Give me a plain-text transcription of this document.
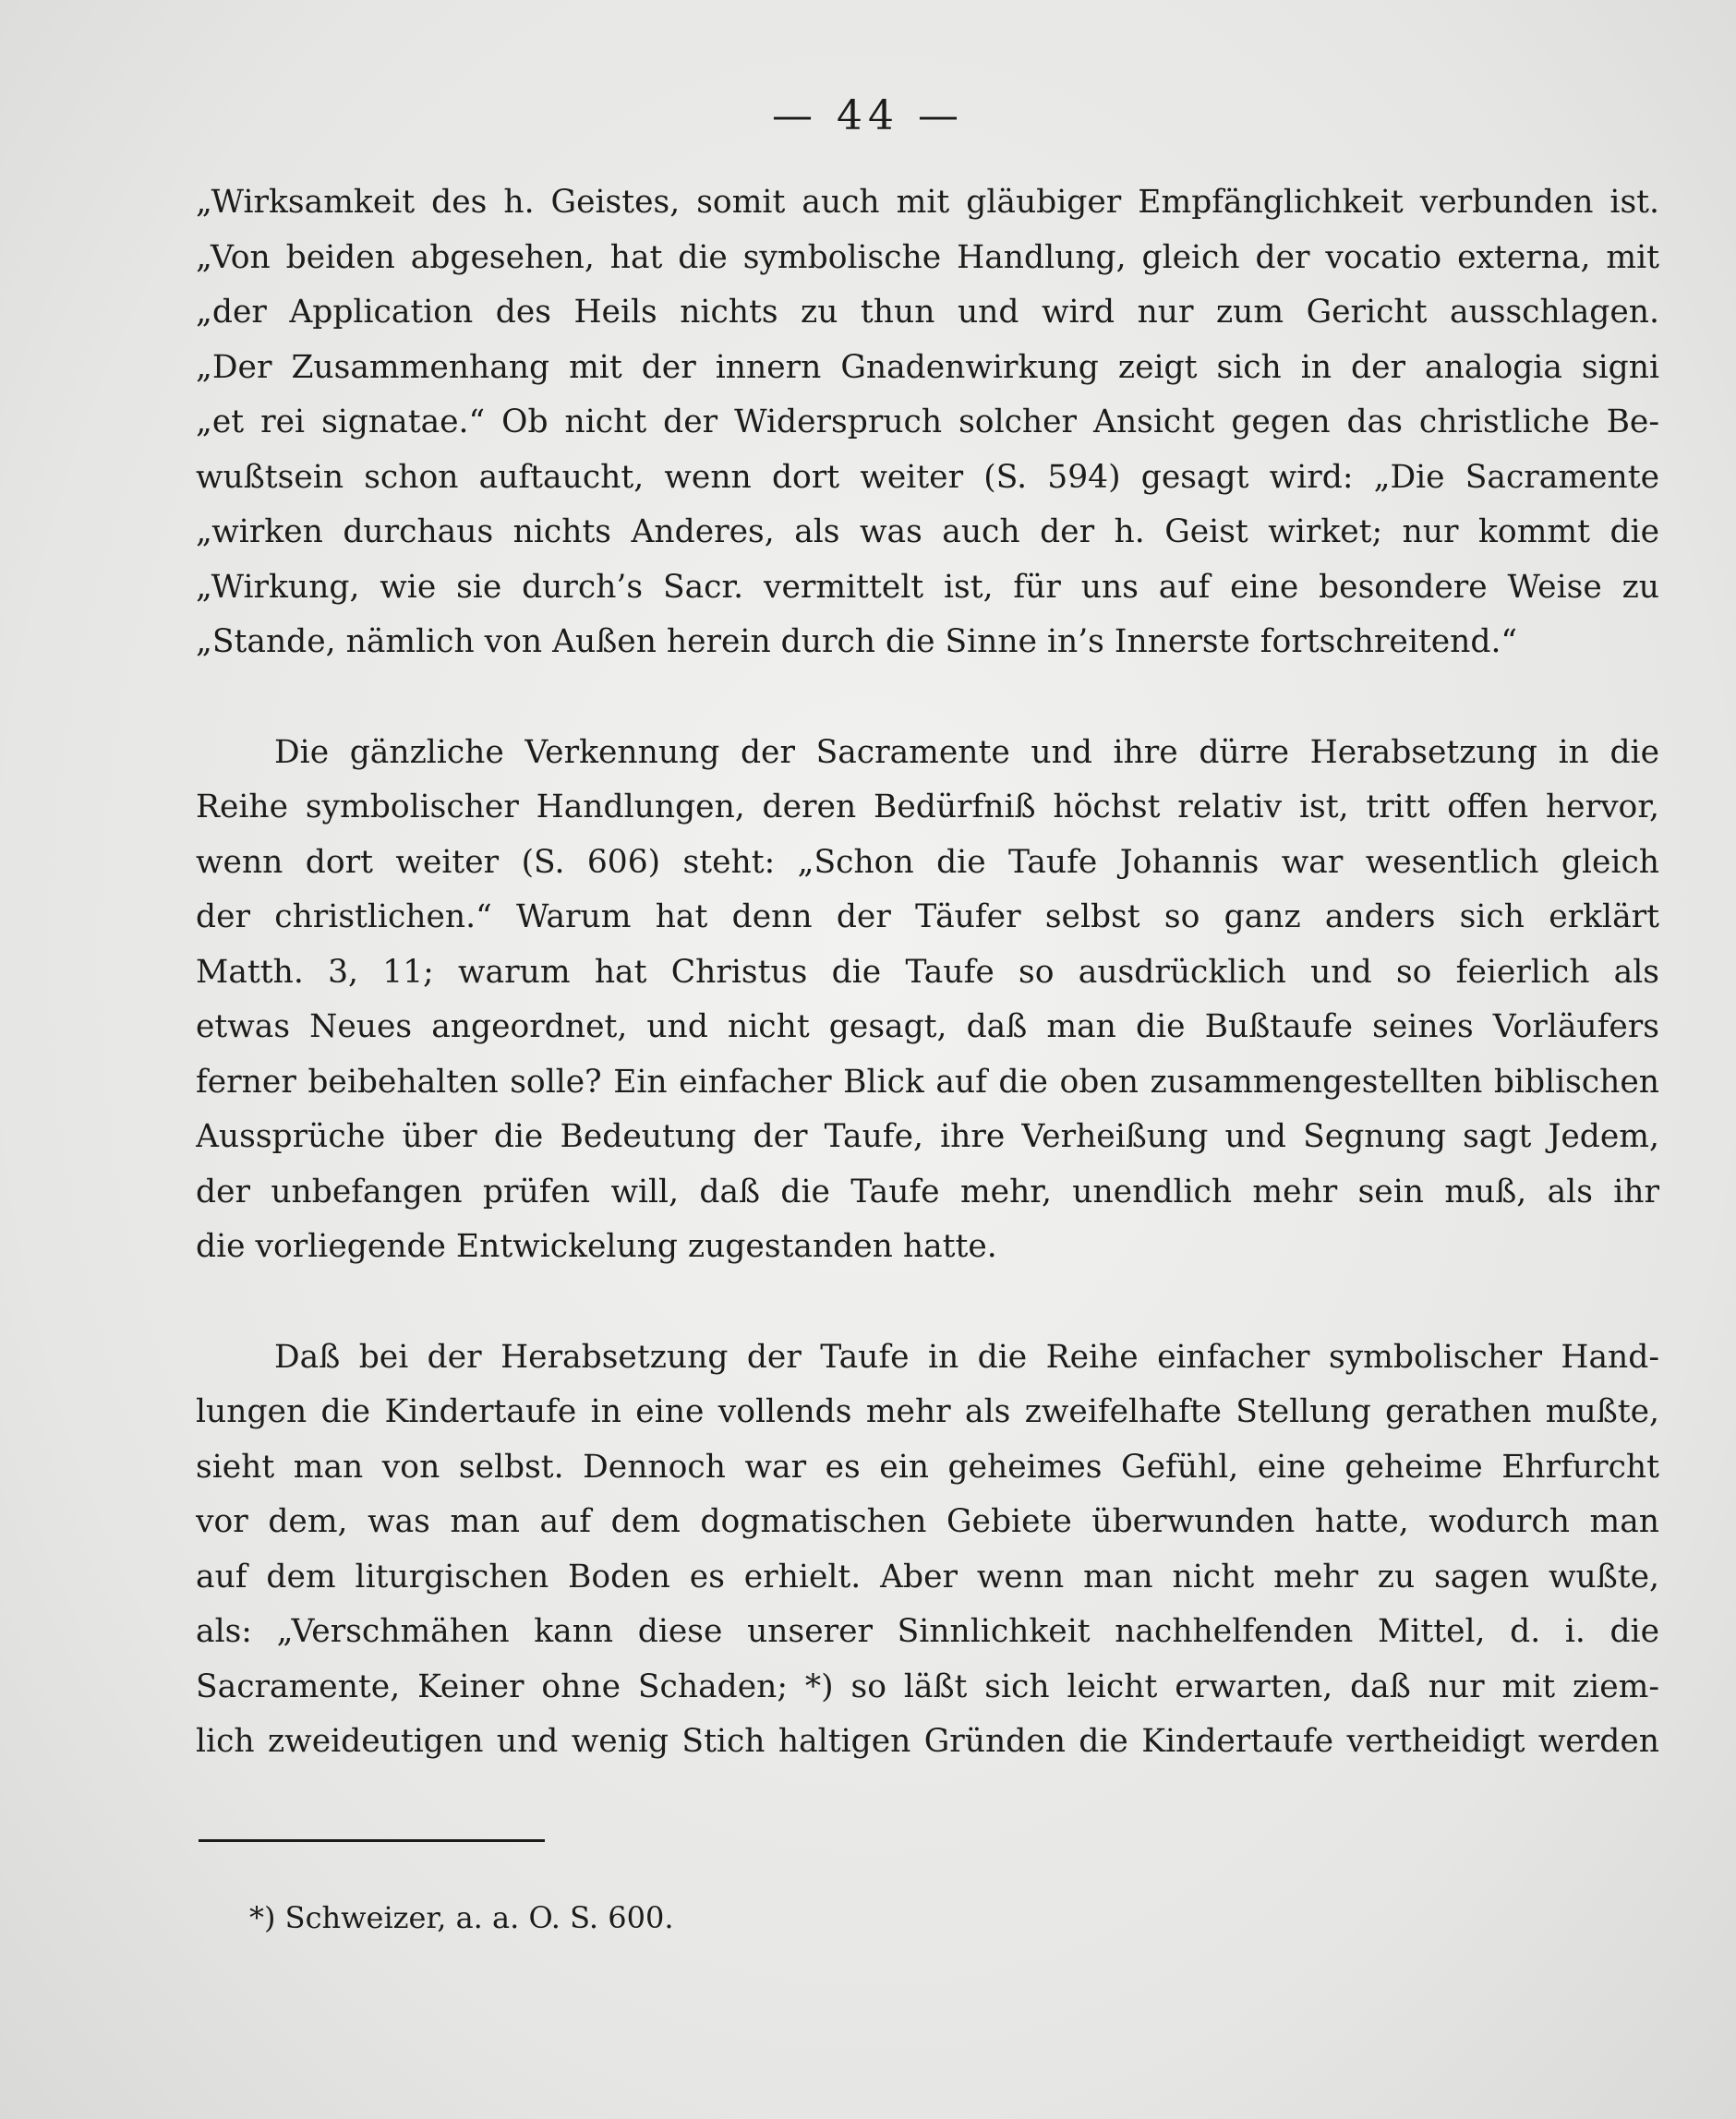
— 44 —
„Wirksamkeit des h. Geistes, somit auch mit gläubiger Empfänglichkeit verbunden ist.
„Von beiden abgesehen, hat die symbolische Handlung, gleich der vocatio externa, mit
„der Application des Heils nichts zu thun und wird nur zum Gericht ausschlagen.
„Der Zusammenhang mit der innern Gnadenwirkung zeigt sich in der analogia signi
„et rei signatae.“ Ob nicht der Widerspruch solcher Ansicht gegen das christliche Be-
wußtsein schon auftaucht, wenn dort weiter (S. 594) gesagt wird: „Die Sacramente
„wirken durchaus nichts Anderes, als was auch der h. Geist wirket; nur kommt die
„Wirkung, wie sie durch’s Sacr. vermittelt ist, für uns auf eine besondere Weise zu
„Stande, nämlich von Außen herein durch die Sinne in’s Innerste fortschreitend.“
Die gänzliche Verkennung der Sacramente und ihre dürre Herabsetzung in die
Reihe symbolischer Handlungen, deren Bedürfniß höchst relativ ist, tritt offen hervor,
wenn dort weiter (S. 606) steht: „Schon die Taufe Johannis war wesentlich gleich
der christlichen.“ Warum hat denn der Täufer selbst so ganz anders sich erklärt
Matth. 3, 11; warum hat Christus die Taufe so ausdrücklich und so feierlich als
etwas Neues angeordnet, und nicht gesagt, daß man die Bußtaufe seines Vorläufers
ferner beibehalten solle? Ein einfacher Blick auf die oben zusammengestellten biblischen
Aussprüche über die Bedeutung der Taufe, ihre Verheißung und Segnung sagt Jedem,
der unbefangen prüfen will, daß die Taufe mehr, unendlich mehr sein muß, als ihr
die vorliegende Entwickelung zugestanden hatte.
Daß bei der Herabsetzung der Taufe in die Reihe einfacher symbolischer Hand-
lungen die Kindertaufe in eine vollends mehr als zweifelhafte Stellung gerathen mußte,
sieht man von selbst. Dennoch war es ein geheimes Gefühl, eine geheime Ehrfurcht
vor dem, was man auf dem dogmatischen Gebiete überwunden hatte, wodurch man
auf dem liturgischen Boden es erhielt. Aber wenn man nicht mehr zu sagen wußte,
als: „Verschmähen kann diese unserer Sinnlichkeit nachhelfenden Mittel, d. i. die
Sacramente, Keiner ohne Schaden; *) so läßt sich leicht erwarten, daß nur mit ziem-
lich zweideutigen und wenig Stich haltigen Gründen die Kindertaufe vertheidigt werden
*) Schweizer, a. a. O. S. 600.
